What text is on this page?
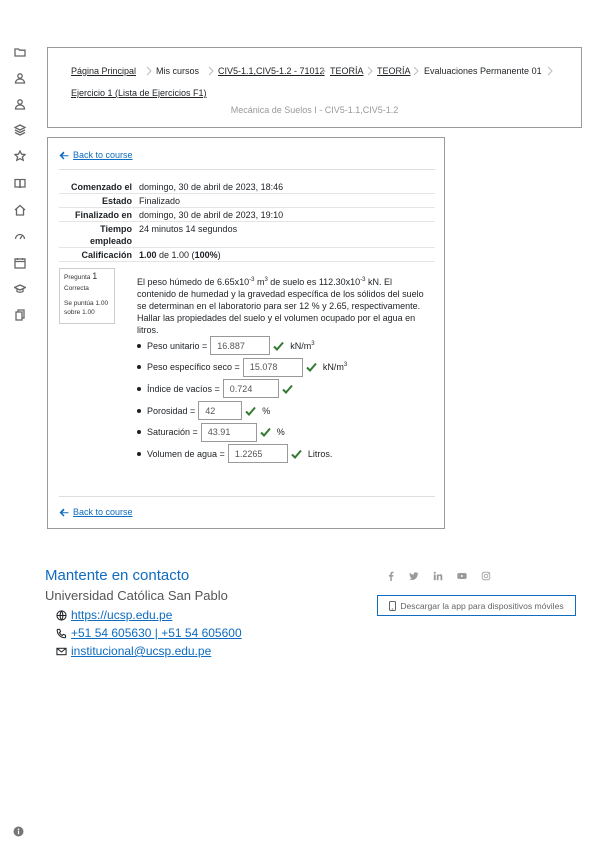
Página Principal Mis cursos CIV5-1.1,CIV5-1.2 - 71012 TEORÍA TEORÍA Evaluaciones Permanente 01
Ejercicio 1 (Lista de Ejercicios F1)
Mecánica de Suelos I - CIV5-1.1,CIV5-1.2
Back to course
Comenzado el domingo, 30 de abril de 2023, 18:46
Estado Finalizado
Finalizado en domingo, 30 de abril de 2023, 19:10
Tiempo empleado
24 minutos 14 segundos
Calificación 1.00 de 1.00 (100%)
Pregunta 1
Correcta
Se puntúa 1.00 sobre 1.00
El peso húmedo de $6.65x10^{-3}$ $m^3$ de suelo es $112.30x10^{-3}$ kN. El contenido de humedad y la gravedad específica de los sólidos del suelo se determinan en el laboratorio para ser 12 % y 2.65, respectivamente. Hallar las propiedades del suelo y el volumen ocupado por el agua en litros.
Peso unitario =	16.887	$kN/m^3$
Peso específico seco =	15.078	$kN/m^3$
Índice de vacíos =	0.724
Porosidad =	42	%
Saturación =	43.91	%
Volumen de agua =	1.2265	Litros.
Back to course
Mantente en contacto
Universidad Católica San Pablo
https://ucsp.edu.pe
+51 54 605630 | +51 54 605600
institucional@ucsp.edu.pe
Descargar la app para dispositivos móviles
